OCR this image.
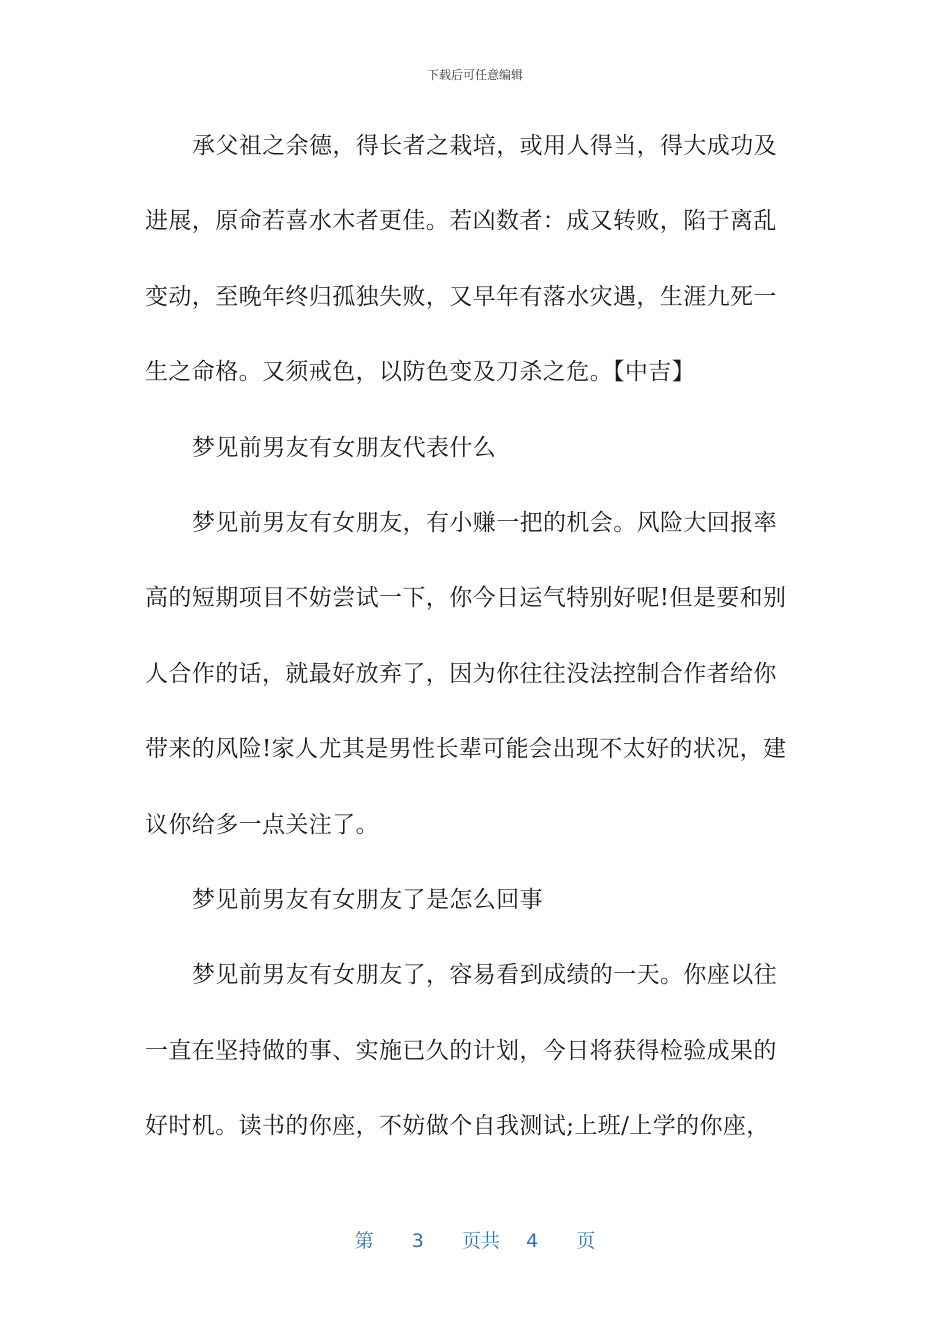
下载后可任意编辑
承父祖之余德，得长者之栽培，或用人得当，得大成功及
进展，原命若喜水木者更佳。若凶数者：成又转败，陷于离乱
变动，至晚年终归孤独失败，又早年有落水灾遇，生涯九死一
生之命格。又须戒色，以防色变及刀杀之危。【中吉】
梦见前男友有女朋友代表什么
梦见前男友有女朋友，有小赚一把的机会。风险大回报率
高的短期项目不妨尝试一下，你今日运气特别好呢!但是要和别
人合作的话，就最好放弃了，因为你往往没法控制合作者给你
带来的风险!家人尤其是男性长辈可能会出现不太好的状况，建
议你给多一点关注了。
梦见前男友有女朋友了是怎么回事
梦见前男友有女朋友了，容易看到成绩的一天。你座以往
一直在坚持做的事、实施已久的计划，今日将获得检验成果的
好时机。读书的你座，不妨做个自我测试;上班/上学的你座，
第 3 页共 4 页
